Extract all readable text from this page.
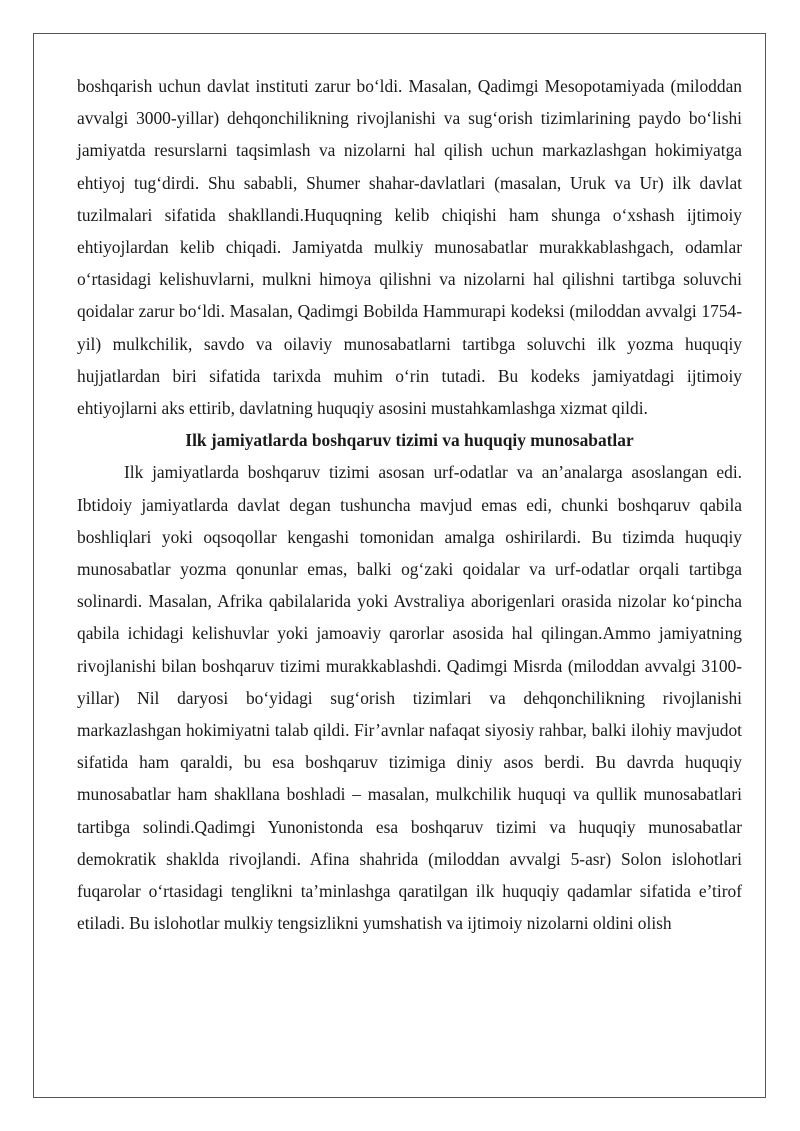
boshqarish uchun davlat instituti zarur bo‘ldi. Masalan, Qadimgi Mesopotamiyada (miloddan avvalgi 3000-yillar) dehqonchilikning rivojlanishi va sug‘orish tizimlarining paydo bo‘lishi jamiyatda resurslarni taqsimlash va nizolarni hal qilish uchun markazlashgan hokimiyatga ehtiyoj tug‘dirdi. Shu sababli, Shumer shahar-davlatlari (masalan, Uruk va Ur) ilk davlat tuzilmalari sifatida shakllandi.Huquqning kelib chiqishi ham shunga o‘xshash ijtimoiy ehtiyojlardan kelib chiqadi. Jamiyatda mulkiy munosabatlar murakkablashgach, odamlar o‘rtasidagi kelishuvlarni, mulkni himoya qilishni va nizolarni hal qilishni tartibga soluvchi qoidalar zarur bo‘ldi. Masalan, Qadimgi Bobilda Hammurapi kodeksi (miloddan avvalgi 1754-yil) mulkchilik, savdo va oilaviy munosabatlarni tartibga soluvchi ilk yozma huquqiy hujjatlardan biri sifatida tarixda muhim o‘rin tutadi. Bu kodeks jamiyatdagi ijtimoiy ehtiyojlarni aks ettirib, davlatning huquqiy asosini mustahkamlashga xizmat qildi.

Ilk jamiyatlarda boshqaruv tizimi va huquqiy munosabatlar

Ilk jamiyatlarda boshqaruv tizimi asosan urf-odatlar va an’analarga asoslangan edi. Ibtidoiy jamiyatlarda davlat degan tushuncha mavjud emas edi, chunki boshqaruv qabila boshliqlari yoki oqsoqollar kengashi tomonidan amalga oshirilardi. Bu tizimda huquqiy munosabatlar yozma qonunlar emas, balki og‘zaki qoidalar va urf-odatlar orqali tartibga solinardi. Masalan, Afrika qabilalarida yoki Avstraliya aborigenlari orasida nizolar ko‘pincha qabila ichidagi kelishuvlar yoki jamoaviy qarorlar asosida hal qilingan.Ammo jamiyatning rivojlanishi bilan boshqaruv tizimi murakkablashdi. Qadimgi Misrda (miloddan avvalgi 3100-yillar) Nil daryosi bo‘yidagi sug‘orish tizimlari va dehqonchilikning rivojlanishi markazlashgan hokimiyatni talab qildi. Fir’avnlar nafaqat siyosiy rahbar, balki ilohiy mavjudot sifatida ham qaraldi, bu esa boshqaruv tizimiga diniy asos berdi. Bu davrda huquqiy munosabatlar ham shakllana boshladi – masalan, mulkchilik huquqi va qullik munosabatlari tartibga solindi.Qadimgi Yunonistonda esa boshqaruv tizimi va huquqiy munosabatlar demokratik shaklda rivojlandi. Afina shahrida (miloddan avvalgi 5-asr) Solon islohotlari fuqarolar o‘rtasidagi tenglikni ta’minlashga qaratilgan ilk huquqiy qadamlar sifatida e’tirof etiladi. Bu islohotlar mulkiy tengsizlikni yumshatish va ijtimoiy nizolarni oldini olish
